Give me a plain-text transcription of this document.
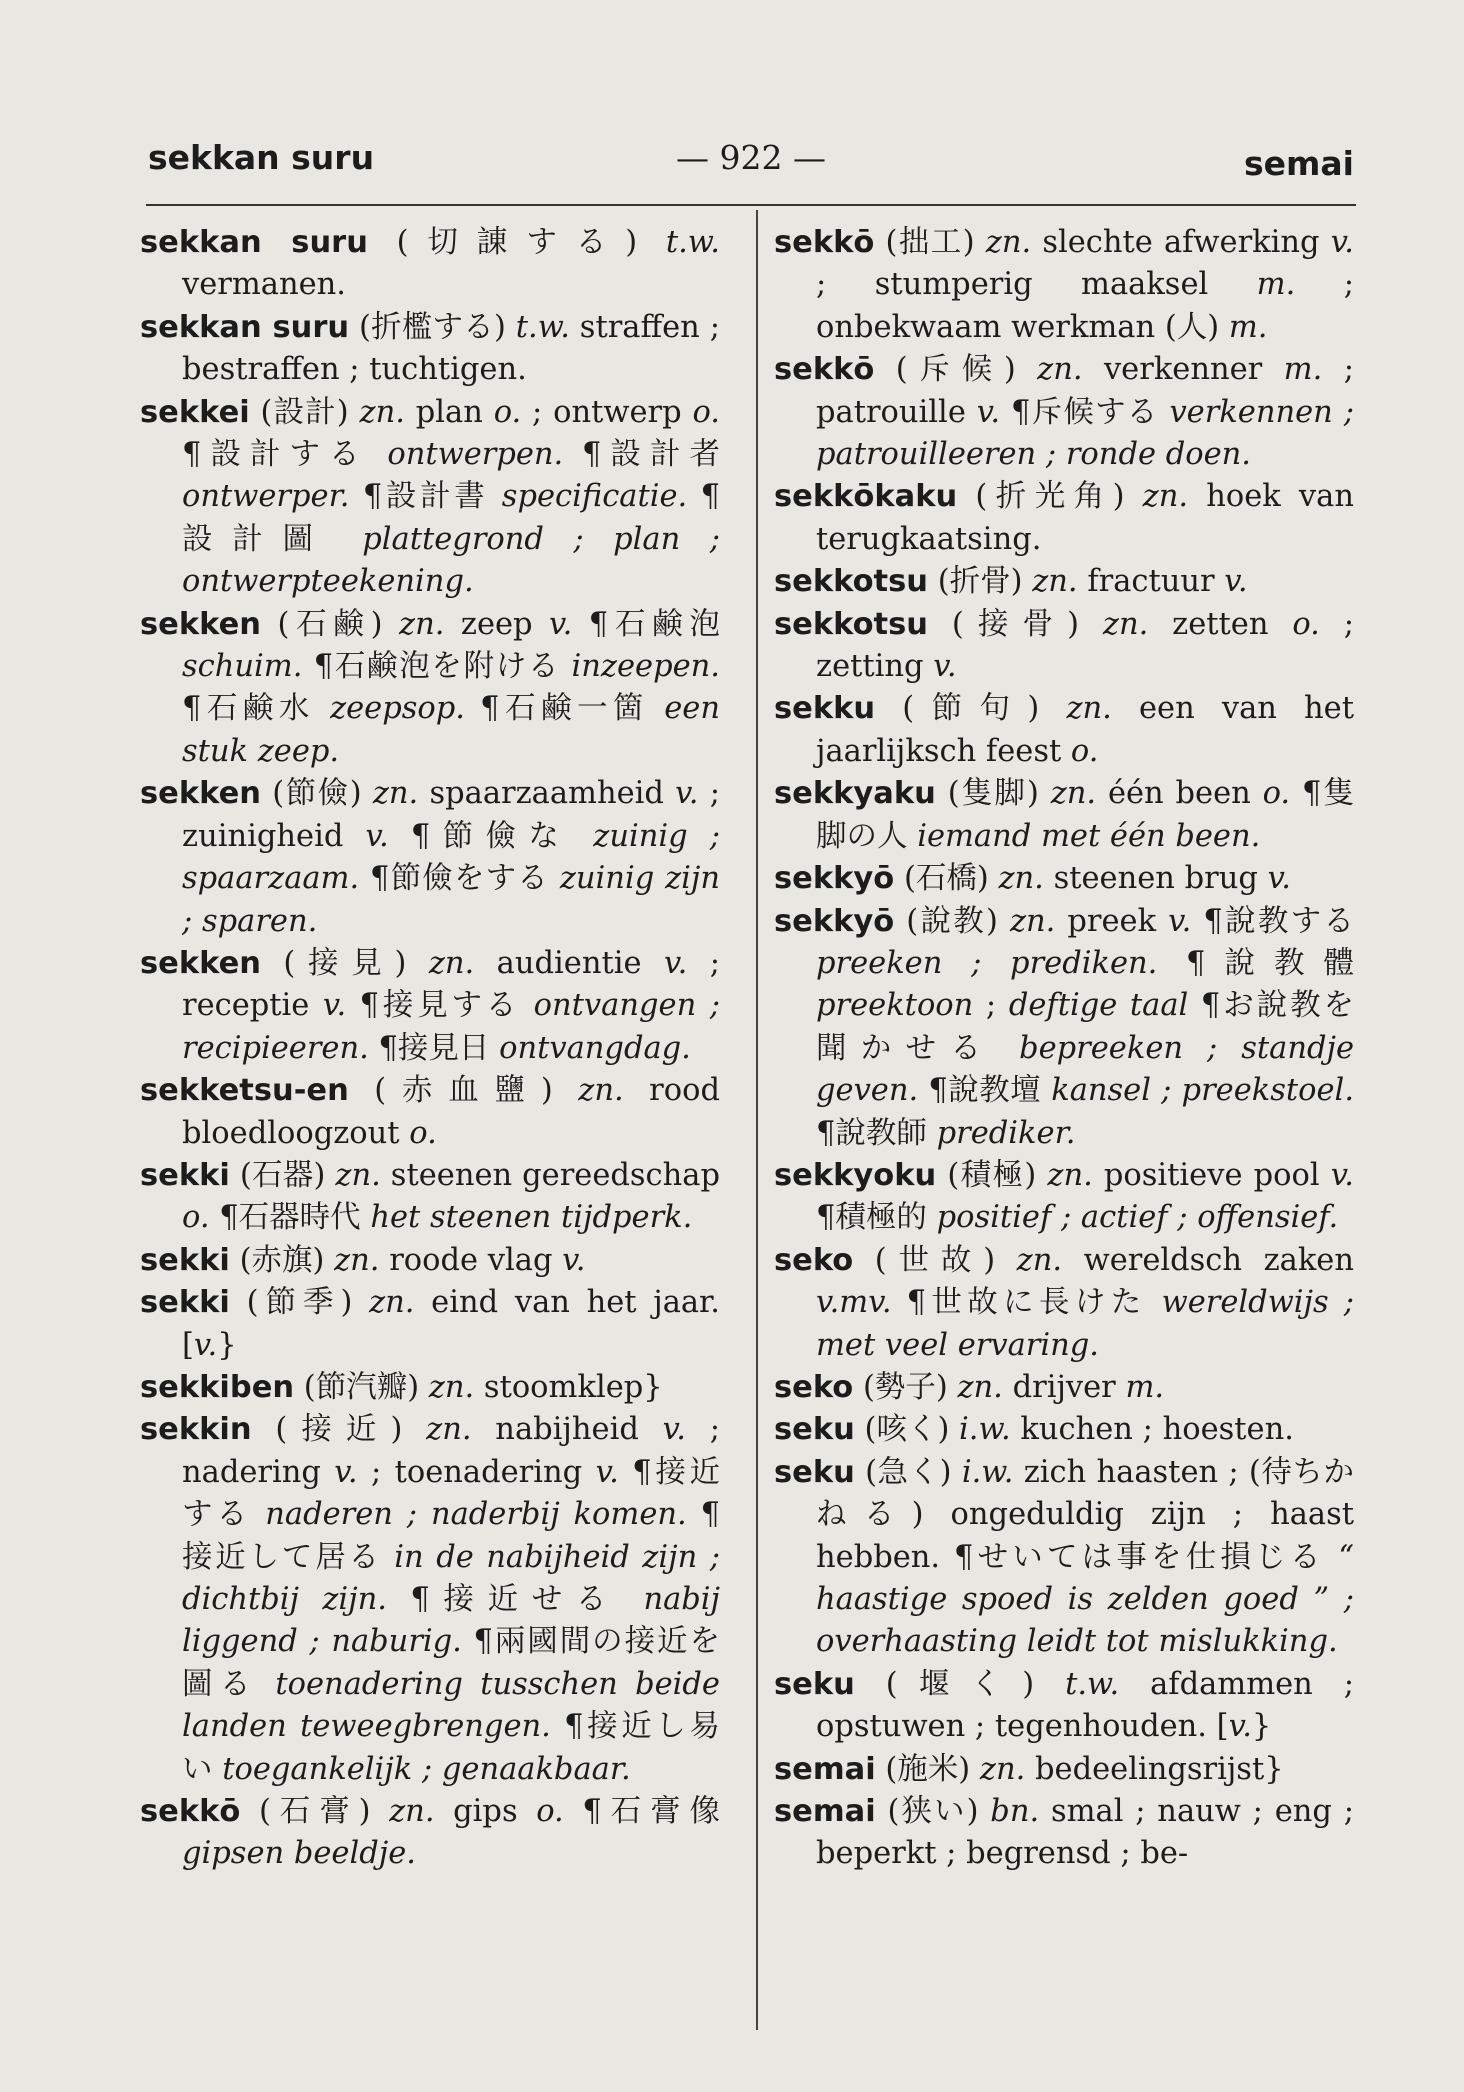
sekkan suru	— 922 —	semai
sekkan suru (切諌する) t.w. vermanen.
sekkan suru (折檻する) t.w. straffen ; bestraffen ; tuchtigen.
sekkei (設計) zn. plan o. ; ontwerp o. ¶設計する ontwerpen. ¶設計者 ontwerper. ¶設計書 specificatie. ¶設計圖 plattegrond ; plan ; ontwerpteekening.
sekken (石鹸) zn. zeep v. ¶石鹸泡 schuim. ¶石鹸泡を附ける inzeepen. ¶石鹸水 zeepsop. ¶石鹸一箇 een stuk zeep.
sekken (節儉) zn. spaarzaamheid v. ; zuinigheid v. ¶節儉な zuinig ; spaarzaam. ¶節儉をする zuinig zijn ; sparen.
sekken (接見) zn. audientie v. ; receptie v. ¶接見する ontvangen ; recipieeren. ¶接見日 ontvangdag.
sekketsu-en (赤血鹽) zn. rood bloedloogzout o.
sekki (石器) zn. steenen gereedschap o. ¶石器時代 het steenen tijdperk.
sekki (赤旗) zn. roode vlag v.
sekki (節季) zn. eind van het jaar. [v.}
sekkiben (節汽瓣) zn. stoomklep}
sekkin (接近) zn. nabijheid v. ; nadering v. ; toenadering v. ¶接近する naderen ; naderbij komen. ¶接近して居る in de nabijheid zijn ; dichtbij zijn. ¶接近せる nabij liggend ; naburig. ¶兩國間の接近を圖る toenadering tusschen beide landen teweegbrengen. ¶接近し易い toegankelijk ; genaakbaar.
sekkō (石膏) zn. gips o. ¶石膏像 gipsen beeldje.
sekkō (拙工) zn. slechte afwerking v. ; stumperig maaksel m. ; onbekwaam werkman (人) m.
sekkō (斥候) zn. verkenner m. ; patrouille v. ¶斥候する verkennen ; patrouilleeren ; ronde doen.
sekkōkaku (折光角) zn. hoek van terugkaatsing.
sekkotsu (折骨) zn. fractuur v.
sekkotsu (接骨) zn. zetten o. ; zetting v.
sekku (節句) zn. een van het jaarlijksch feest o.
sekkyaku (隻脚) zn. één been o. ¶隻脚の人 iemand met één been.
sekkyō (石橋) zn. steenen brug v.
sekkyō (說教) zn. preek v. ¶說教する preeken ; prediken. ¶說教體 preektoon ; deftige taal ¶お說教を聞かせる bepreeken ; standje geven. ¶說教壇 kansel ; preekstoel. ¶說教師 prediker.
sekkyoku (積極) zn. positieve pool v. ¶積極的 positief ; actief ; offensief.
seko (世故) zn. wereldsch zaken v.mv. ¶世故に長けた wereldwijs ; met veel ervaring.
seko (勢子) zn. drijver m.
seku (咳く) i.w. kuchen ; hoesten.
seku (急く) i.w. zich haasten ; (待ちかねる) ongeduldig zijn ; haast hebben. ¶せいては事を仕損じる “ haastige spoed is zelden goed ” ; overhaasting leidt tot mislukking.
seku (堰く) t.w. afdammen ; opstuwen ; tegenhouden. [v.}
semai (施米) zn. bedeelingsrijst}
semai (狭い) bn. smal ; nauw ; eng ; beperkt ; begrensd ; be-
